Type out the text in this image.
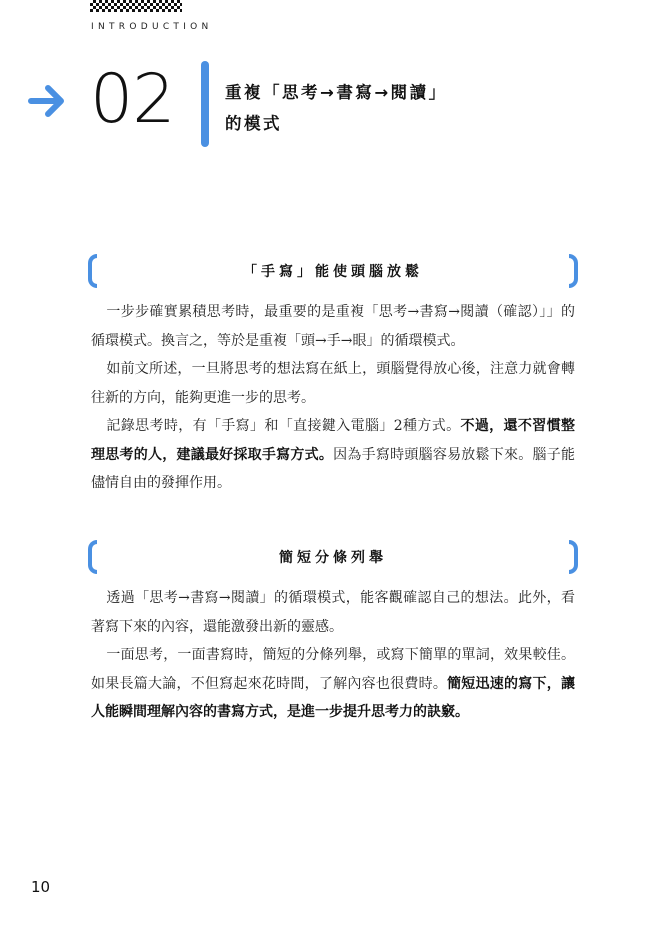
INTRODUCTION
02	重複「思考→書寫→閱讀」
的模式
「手寫」能使頭腦放鬆

一步步確實累積思考時，最重要的是重複「思考→書寫→閱讀（確認）」」的循環模式。換言之，等於是重複「頭→手→眼」的循環模式。

如前文所述，一旦將思考的想法寫在紙上，頭腦覺得放心後，注意力就會轉往新的方向，能夠更進一步的思考。

記錄思考時，有「手寫」和「直接鍵入電腦」2種方式。不過，還不習慣整理思考的人，建議最好採取手寫方式。因為手寫時頭腦容易放鬆下來。腦子能儘情自由的發揮作用。

簡短分條列舉

透過「思考→書寫→閱讀」的循環模式，能客觀確認自己的想法。此外，看著寫下來的內容，還能激發出新的靈感。

一面思考，一面書寫時，簡短的分條列舉，或寫下簡單的單詞，效果較佳。如果長篇大論，不但寫起來花時間，了解內容也很費時。簡短迅速的寫下，讓人能瞬間理解內容的書寫方式，是進一步提升思考力的訣竅。

10
